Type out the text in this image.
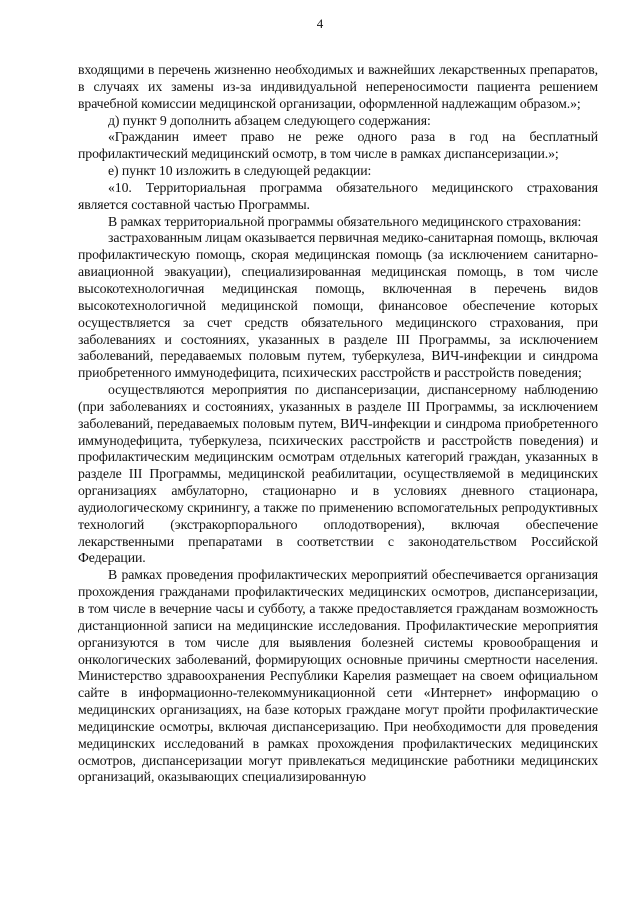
4

входящими в перечень жизненно необходимых и важнейших лекарственных препаратов, в случаях их замены из-за индивидуальной непереносимости пациента решением врачебной комиссии медицинской организации, оформленной надлежащим образом.»;

д) пункт 9 дополнить абзацем следующего содержания:

«Гражданин имеет право не реже одного раза в год на бесплатный профилактический медицинский осмотр, в том числе в рамках диспансеризации.»;

е) пункт 10 изложить в следующей редакции:

«10. Территориальная программа обязательного медицинского страхования является составной частью Программы.

В рамках территориальной программы обязательного медицинского страхования:

застрахованным лицам оказывается первичная медико-санитарная помощь, включая профилактическую помощь, скорая медицинская помощь (за исключением санитарно-авиационной эвакуации), специализированная медицинская помощь, в том числе высокотехнологичная медицинская помощь, включенная в перечень видов высокотехнологичной медицинской помощи, финансовое обеспечение которых осуществляется за счет средств обязательного медицинского страхования, при заболеваниях и состояниях, указанных в разделе III Программы, за исключением заболеваний, передаваемых половым путем, туберкулеза, ВИЧ-инфекции и синдрома приобретенного иммунодефицита, психических расстройств и расстройств поведения;

осуществляются мероприятия по диспансеризации, диспансерному наблюдению (при заболеваниях и состояниях, указанных в разделе III Программы, за исключением заболеваний, передаваемых половым путем, ВИЧ-инфекции и синдрома приобретенного иммунодефицита, туберкулеза, психических расстройств и расстройств поведения) и профилактическим медицинским осмотрам отдельных категорий граждан, указанных в разделе III Программы, медицинской реабилитации, осуществляемой в медицинских организациях амбулаторно, стационарно и в условиях дневного стационара, аудиологическому скринингу, а также по применению вспомогательных репродуктивных технологий (экстракорпорального оплодотворения), включая обеспечение лекарственными препаратами в соответствии с законодательством Российской Федерации.

В рамках проведения профилактических мероприятий обеспечивается организация прохождения гражданами профилактических медицинских осмотров, диспансеризации, в том числе в вечерние часы и субботу, а также предоставляется гражданам возможность дистанционной записи на медицинские исследования. Профилактические мероприятия организуются в том числе для выявления болезней системы кровообращения и онкологических заболеваний, формирующих основные причины смертности населения. Министерство здравоохранения Республики Карелия размещает на своем официальном сайте в информационно-телекоммуникационной сети «Интернет» информацию о медицинских организациях, на базе которых граждане могут пройти профилактические медицинские осмотры, включая диспансеризацию. При необходимости для проведения медицинских исследований в рамках прохождения профилактических медицинских осмотров, диспансеризации могут привлекаться медицинские работники медицинских организаций, оказывающих специализированную
